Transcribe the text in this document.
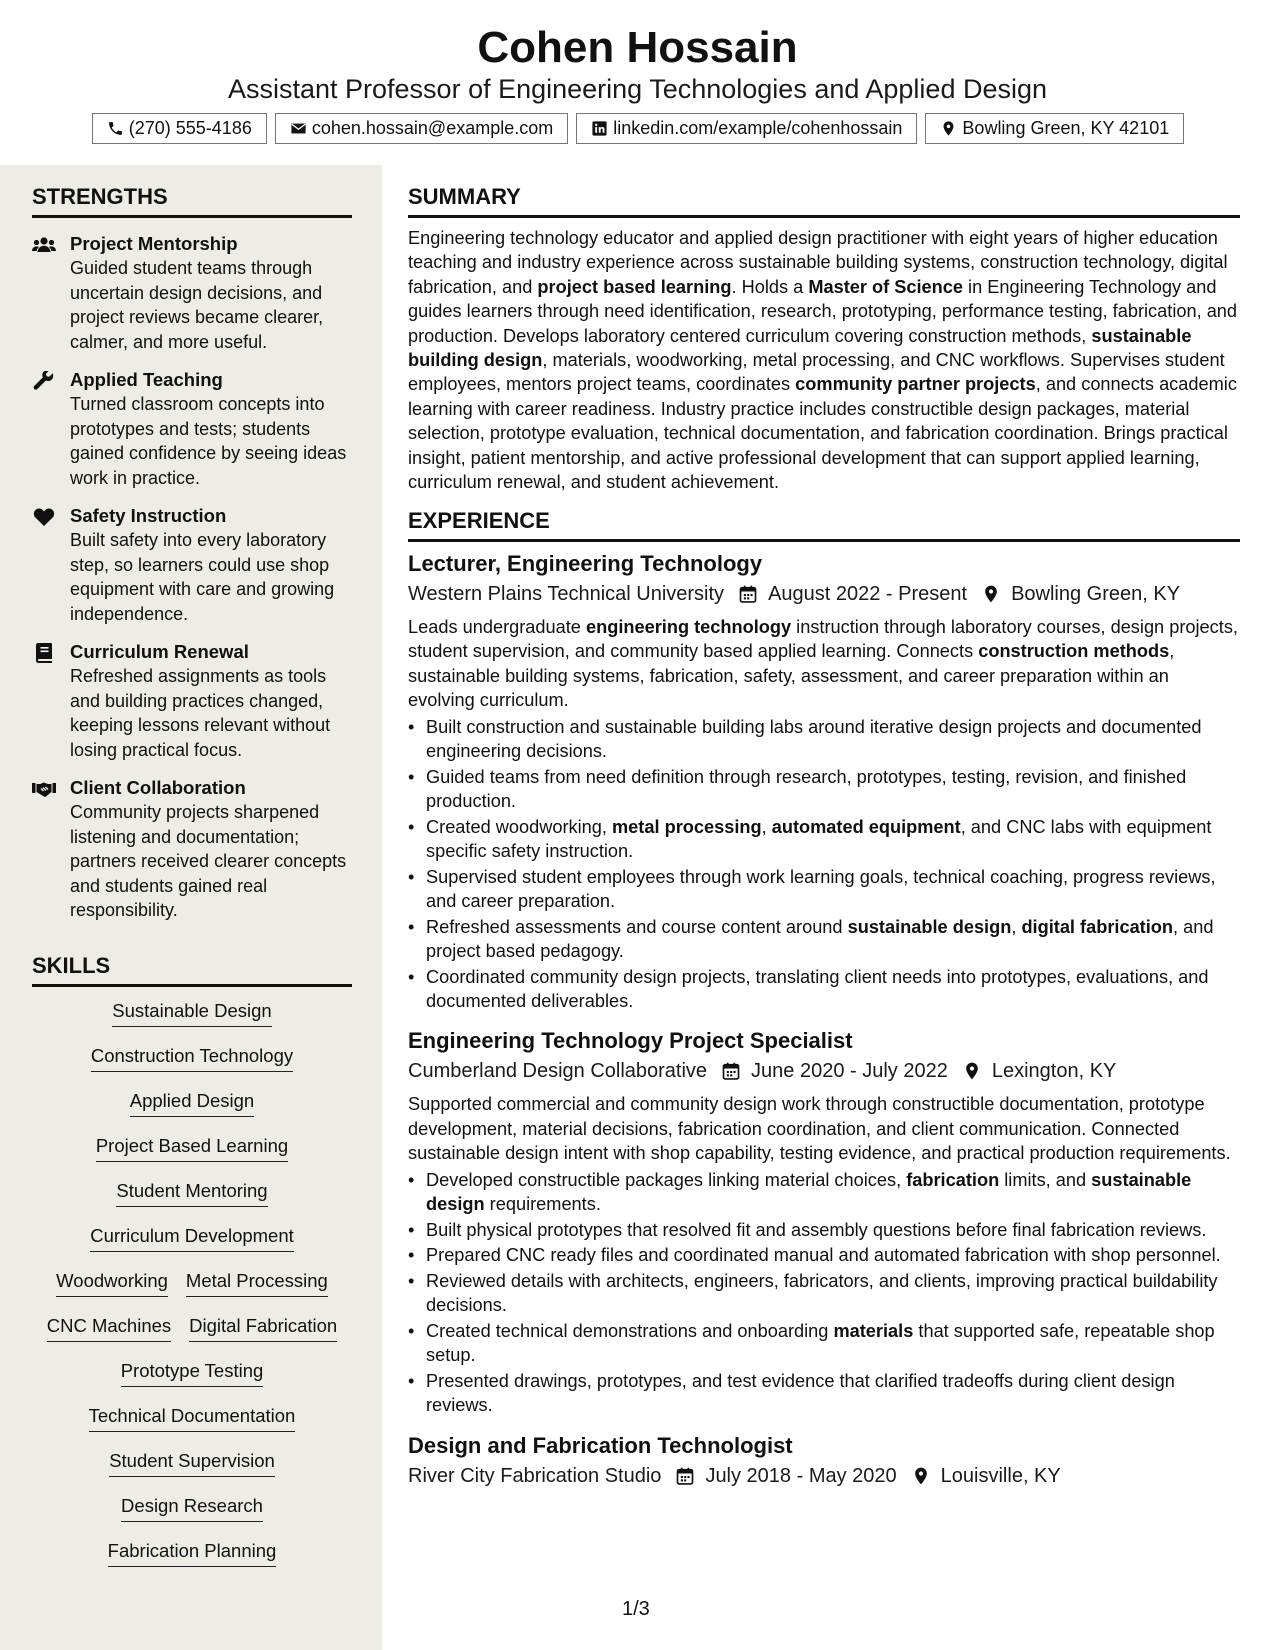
Cohen Hossain
Assistant Professor of Engineering Technologies and Applied Design
(270) 555-4186	cohen.hossain@example.com	linkedin.com/example/cohenhossain	Bowling Green, KY 42101
STRENGTHS
Project Mentorship
Guided student teams through uncertain design decisions, and project reviews became clearer, calmer, and more useful.
Applied Teaching
Turned classroom concepts into prototypes and tests; students gained confidence by seeing ideas work in practice.
Safety Instruction
Built safety into every laboratory step, so learners could use shop equipment with care and growing independence.
Curriculum Renewal
Refreshed assignments as tools and building practices changed, keeping lessons relevant without losing practical focus.
Client Collaboration
Community projects sharpened listening and documentation; partners received clearer concepts and students gained real responsibility.
SKILLS
Sustainable Design
Construction Technology
Applied Design
Project Based Learning
Student Mentoring
Curriculum Development
Woodworking Metal Processing
CNC Machines Digital Fabrication
Prototype Testing
Technical Documentation
Student Supervision
Design Research
Fabrication Planning
SUMMARY

Engineering technology educator and applied design practitioner with eight years of higher education teaching and industry experience across sustainable building systems, construction technology, digital fabrication, and project based learning. Holds a Master of Science in Engineering Technology and guides learners through need identification, research, prototyping, performance testing, fabrication, and production. Develops laboratory centered curriculum covering construction methods, sustainable building design, materials, woodworking, metal processing, and CNC workflows. Supervises student employees, mentors project teams, coordinates community partner projects, and connects academic learning with career readiness. Industry practice includes constructible design packages, material selection, prototype evaluation, technical documentation, and fabrication coordination. Brings practical insight, patient mentorship, and active professional development that can support applied learning, curriculum renewal, and student achievement.

EXPERIENCE
Lecturer, Engineering Technology
Western Plains Technical University August 2022 - Present Bowling Green, KY

Leads undergraduate engineering technology instruction through laboratory courses, design projects, student supervision, and community based applied learning. Connects construction methods, sustainable building systems, fabrication, safety, assessment, and career preparation within an evolving curriculum.

• Built construction and sustainable building labs around iterative design projects and documented engineering decisions.
• Guided teams from need definition through research, prototypes, testing, revision, and finished production.
• Created woodworking, metal processing, automated equipment, and CNC labs with equipment specific safety instruction.
• Supervised student employees through work learning goals, technical coaching, progress reviews, and career preparation.
• Refreshed assessments and course content around sustainable design, digital fabrication, and project based pedagogy.
• Coordinated community design projects, translating client needs into prototypes, evaluations, and documented deliverables.
Engineering Technology Project Specialist
Cumberland Design Collaborative June 2020 - July 2022 Lexington, KY

Supported commercial and community design work through constructible documentation, prototype development, material decisions, fabrication coordination, and client communication. Connected sustainable design intent with shop capability, testing evidence, and practical production requirements.

• Developed constructible packages linking material choices, fabrication limits, and sustainable design requirements.
• Built physical prototypes that resolved fit and assembly questions before final fabrication reviews.
• Prepared CNC ready files and coordinated manual and automated fabrication with shop personnel.
• Reviewed details with architects, engineers, fabricators, and clients, improving practical buildability decisions.
• Created technical demonstrations and onboarding materials that supported safe, repeatable shop setup.
• Presented drawings, prototypes, and test evidence that clarified tradeoffs during client design reviews.
Design and Fabrication Technologist
River City Fabrication Studio July 2018 - May 2020 Louisville, KY
1/3
